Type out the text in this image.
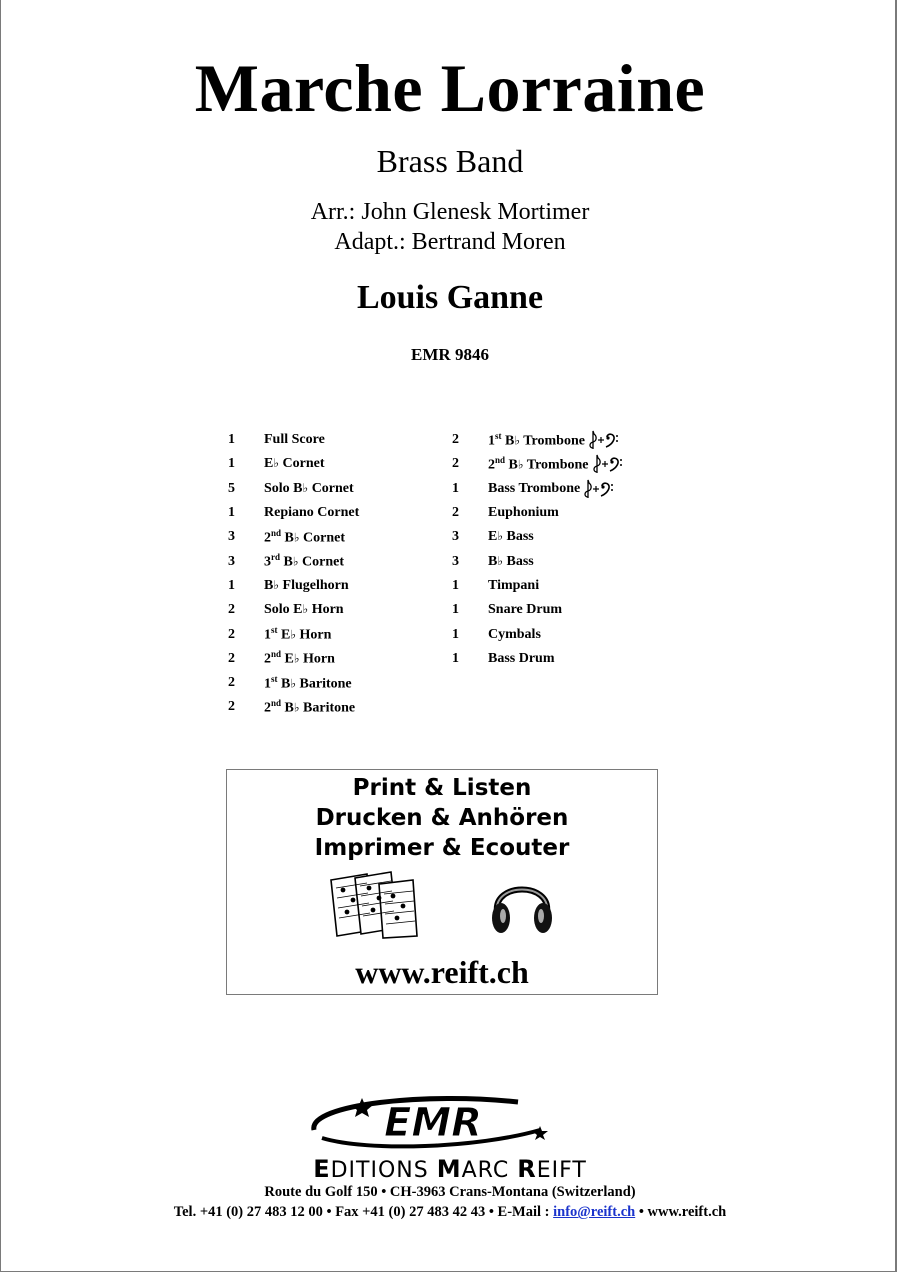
Marche Lorraine
Brass Band
Arr.: John Glenesk Mortimer
Adapt.: Bertrand Moren
Louis Ganne
EMR 9846
1	Full Score
1	E♭ Cornet
5	Solo B♭ Cornet
1	Repiano Cornet
3	2nd B♭ Cornet
3	3rd B♭ Cornet
1	B♭ Flugelhorn
2	Solo E♭ Horn
2	1st E♭ Horn
2	2nd E♭ Horn
2	1st B♭ Baritone
2	2nd B♭ Baritone
2	1st B♭ Trombone
2	2nd B♭ Trombone
1	Bass Trombone
2	Euphonium
3	E♭ Bass
3	B♭ Bass
1	Timpani
1	Snare Drum
1	Cymbals
1	Bass Drum
Print & Listen
Drucken & Anhören
Imprimer & Ecouter
www.reift.ch
EMR
EDITIONS MARC REIFT
Route du Golf 150 • CH-3963 Crans-Montana (Switzerland)
Tel. +41 (0) 27 483 12 00 • Fax +41 (0) 27 483 42 43 • E-Mail : info@reift.ch • www.reift.ch
